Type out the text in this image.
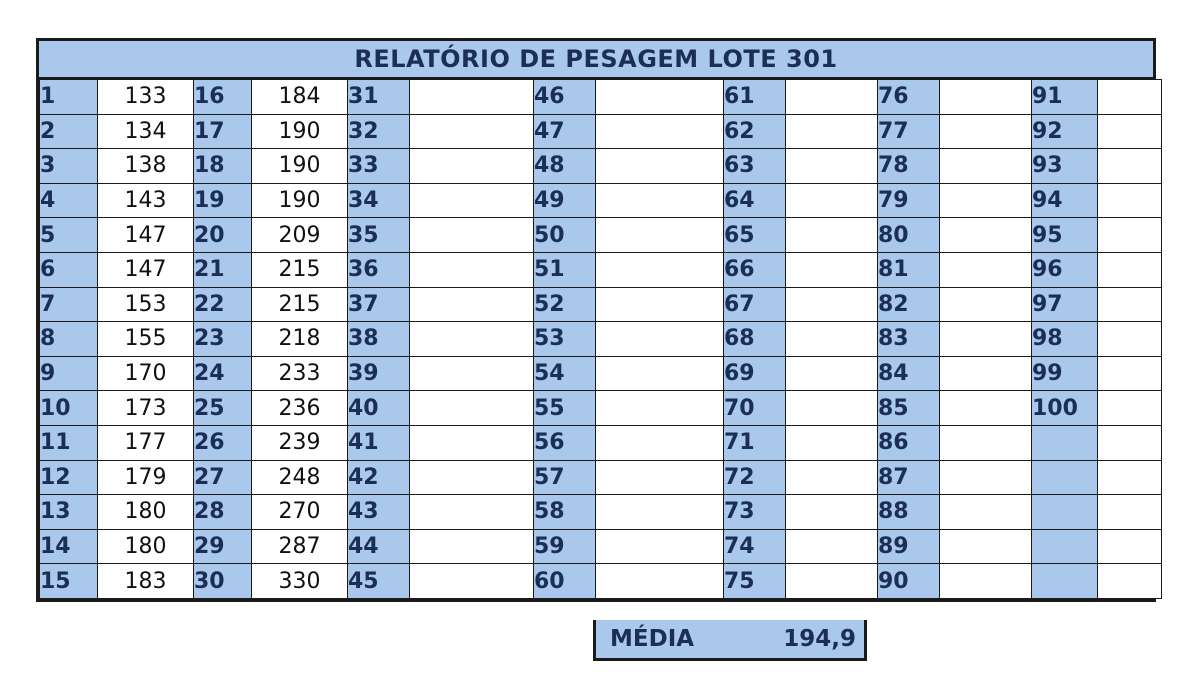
RELATÓRIO DE PESAGEM LOTE 301
1	133	16	184	31		46		61		76		91	
2	134	17	190	32		47		62		77		92	
3	138	18	190	33		48		63		78		93	
4	143	19	190	34		49		64		79		94	
5	147	20	209	35		50		65		80		95	
6	147	21	215	36		51		66		81		96	
7	153	22	215	37		52		67		82		97	
8	155	23	218	38		53		68		83		98	
9	170	24	233	39		54		69		84		99	
10	173	25	236	40		55		70		85		100	
11	177	26	239	41		56		71		86			
12	179	27	248	42		57		72		87			
13	180	28	270	43		58		73		88			
14	180	29	287	44		59		74		89			
15	183	30	330	45		60		75		90			
MÉDIA	194,9
